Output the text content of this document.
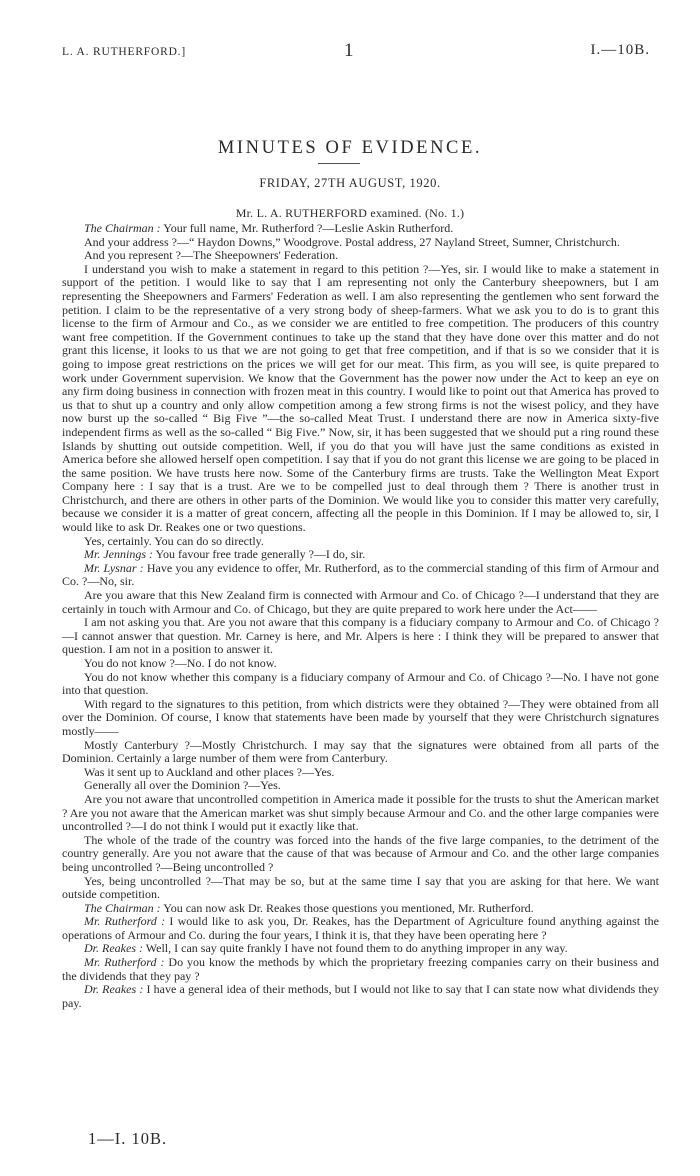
L. A. RUTHERFORD.]	1	I.—10B.
MINUTES OF EVIDENCE.
FRIDAY, 27TH AUGUST, 1920.
Mr. L. A. RUTHERFORD examined. (No. 1.)

The Chairman : Your full name, Mr. Rutherford ?—Leslie Askin Rutherford.

And your address ?—“ Haydon Downs,” Woodgrove. Postal address, 27 Nayland Street, Sumner, Christchurch.

And you represent ?—The Sheepowners' Federation.

I understand you wish to make a statement in regard to this petition ?—Yes, sir. I would like to make a statement in support of the petition. I would like to say that I am representing not only the Canterbury sheepowners, but I am representing the Sheepowners and Farmers' Federation as well. I am also representing the gentlemen who sent forward the petition. I claim to be the representative of a very strong body of sheep-farmers. What we ask you to do is to grant this license to the firm of Armour and Co., as we consider we are entitled to free competition. The producers of this country want free competition. If the Government continues to take up the stand that they have done over this matter and do not grant this license, it looks to us that we are not going to get that free competition, and if that is so we consider that it is going to impose great restrictions on the prices we will get for our meat. This firm, as you will see, is quite prepared to work under Government supervision. We know that the Government has the power now under the Act to keep an eye on any firm doing business in connection with frozen meat in this country. I would like to point out that America has proved to us that to shut up a country and only allow competition among a few strong firms is not the wisest policy, and they have now burst up the so-called “ Big Five ”—the so-called Meat Trust. I understand there are now in America sixty-five independent firms as well as the so-called “ Big Five.” Now, sir, it has been suggested that we should put a ring round these Islands by shutting out outside competition. Well, if you do that you will have just the same conditions as existed in America before she allowed herself open competition. I say that if you do not grant this license we are going to be placed in the same position. We have trusts here now. Some of the Canterbury firms are trusts. Take the Wellington Meat Export Company here : I say that is a trust. Are we to be compelled just to deal through them ? There is another trust in Christchurch, and there are others in other parts of the Dominion. We would like you to consider this matter very carefully, because we consider it is a matter of great concern, affecting all the people in this Dominion. If I may be allowed to, sir, I would like to ask Dr. Reakes one or two questions.

Yes, certainly. You can do so directly.

Mr. Jennings : You favour free trade generally ?—I do, sir.

Mr. Lysnar : Have you any evidence to offer, Mr. Rutherford, as to the commercial standing of this firm of Armour and Co. ?—No, sir.

Are you aware that this New Zealand firm is connected with Armour and Co. of Chicago ?—I understand that they are certainly in touch with Armour and Co. of Chicago, but they are quite prepared to work here under the Act——

I am not asking you that. Are you not aware that this company is a fiduciary company to Armour and Co. of Chicago ?—I cannot answer that question. Mr. Carney is here, and Mr. Alpers is here : I think they will be prepared to answer that question. I am not in a position to answer it.

You do not know ?—No. I do not know.

You do not know whether this company is a fiduciary company of Armour and Co. of Chicago ?—No. I have not gone into that question.

With regard to the signatures to this petition, from which districts were they obtained ?—They were obtained from all over the Dominion. Of course, I know that statements have been made by yourself that they were Christchurch signatures mostly——

Mostly Canterbury ?—Mostly Christchurch. I may say that the signatures were obtained from all parts of the Dominion. Certainly a large number of them were from Canterbury.

Was it sent up to Auckland and other places ?—Yes.

Generally all over the Dominion ?—Yes.

Are you not aware that uncontrolled competition in America made it possible for the trusts to shut the American market ? Are you not aware that the American market was shut simply because Armour and Co. and the other large companies were uncontrolled ?—I do not think I would put it exactly like that.

The whole of the trade of the country was forced into the hands of the five large companies, to the detriment of the country generally. Are you not aware that the cause of that was because of Armour and Co. and the other large companies being uncontrolled ?—Being uncontrolled ?

Yes, being uncontrolled ?—That may be so, but at the same time I say that you are asking for that here. We want outside competition.

The Chairman : You can now ask Dr. Reakes those questions you mentioned, Mr. Rutherford.

Mr. Rutherford : I would like to ask you, Dr. Reakes, has the Department of Agriculture found anything against the operations of Armour and Co. during the four years, I think it is, that they have been operating here ?

Dr. Reakes : Well, I can say quite frankly I have not found them to do anything improper in any way.

Mr. Rutherford : Do you know the methods by which the proprietary freezing companies carry on their business and the dividends that they pay ?

Dr. Reakes : I have a general idea of their methods, but I would not like to say that I can state now what dividends they pay.

1—I. 10B.
